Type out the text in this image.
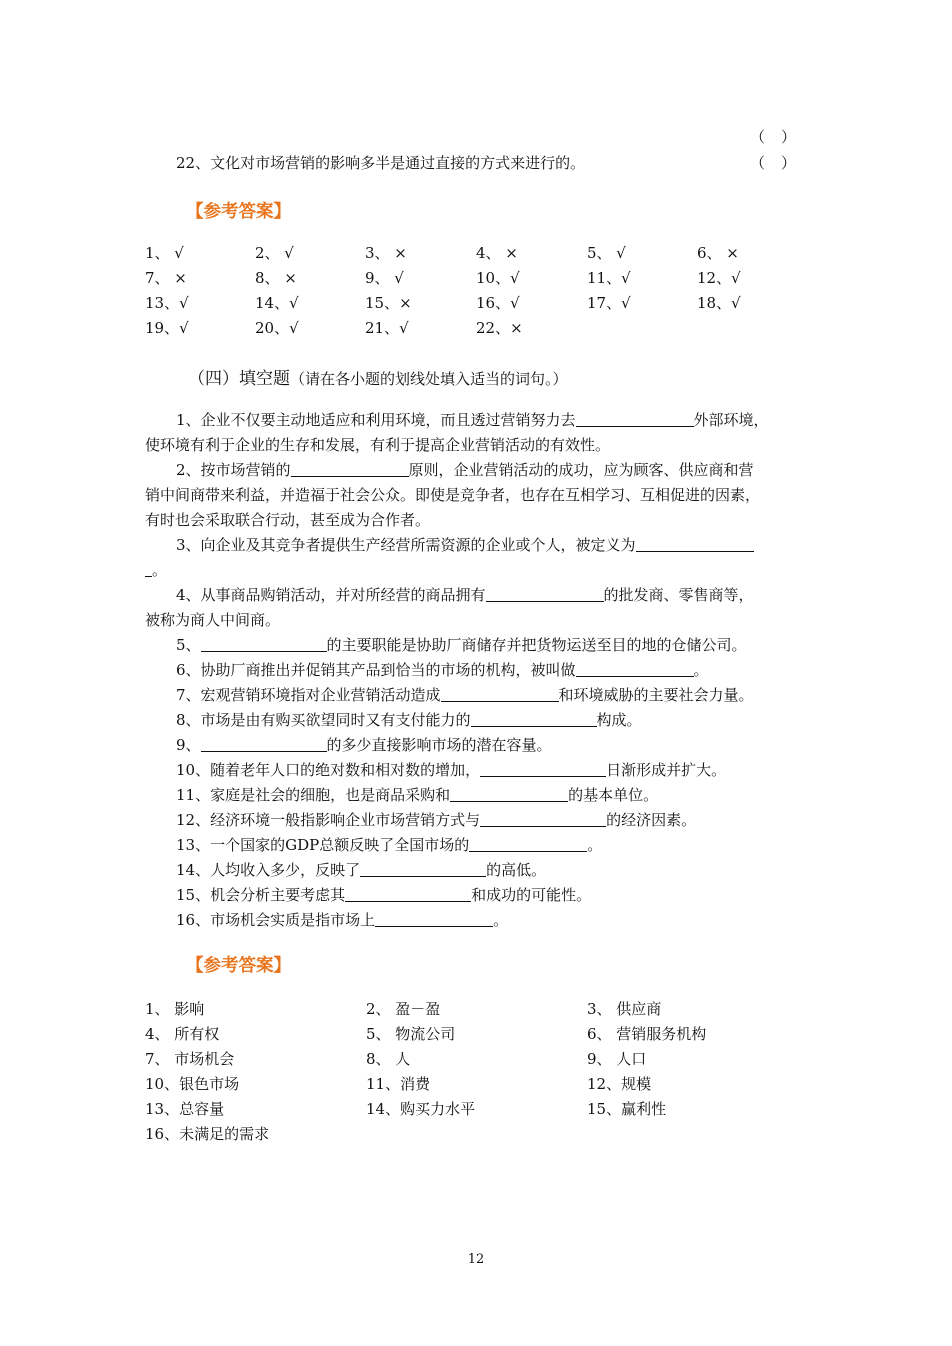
（ ）
22、文化对市场营销的影响多半是通过直接的方式来进行的。	（ ）
【参考答案】
1、 √	2、 √	3、 ×	4、 ×	5、 √	6、 ×
7、 ×	8、 ×	9、 √	10、√	11、√	12、√
13、√	14、√	15、×	16、√	17、√	18、√
19、√	20、√	21、√	22、×
（四）填空题（请在各小题的划线处填入适当的词句。）
1、企业不仅要主动地适应和利用环境，而且透过营销努力去	外部环境，
使环境有利于企业的生存和发展，有利于提高企业营销活动的有效性。
2、按市场营销的	原则，企业营销活动的成功，应为顾客、供应商和营
销中间商带来利益，并造福于社会公众。即使是竞争者，也存在互相学习、互相促进的因素，
有时也会采取联合行动，甚至成为合作者。
3、向企业及其竞争者提供生产经营所需资源的企业或个人，被定义为
。
4、从事商品购销活动，并对所经营的商品拥有	的批发商、零售商等，
被称为商人中间商。
5、	的主要职能是协助厂商储存并把货物运送至目的地的仓储公司。
6、协助厂商推出并促销其产品到恰当的市场的机构，被叫做	。
7、宏观营销环境指对企业营销活动造成	和环境威胁的主要社会力量。
8、市场是由有购买欲望同时又有支付能力的	构成。
9、	的多少直接影响市场的潜在容量。
10、随着老年人口的绝对数和相对数的增加，	日渐形成并扩大。
11、家庭是社会的细胞，也是商品采购和	的基本单位。
12、经济环境一般指影响企业市场营销方式与	的经济因素。
13、一个国家的GDP总额反映了全国市场的	。
14、人均收入多少，反映了	的高低。
15、机会分析主要考虑其	和成功的可能性。
16、市场机会实质是指市场上	。
【参考答案】
1、 影响	2、 盈－盈	3、 供应商
4、 所有权	5、 物流公司	6、 营销服务机构
7、 市场机会	8、 人	9、 人口
10、银色市场	11、消费	12、规模
13、总容量	14、购买力水平	15、赢利性
16、未满足的需求
12
